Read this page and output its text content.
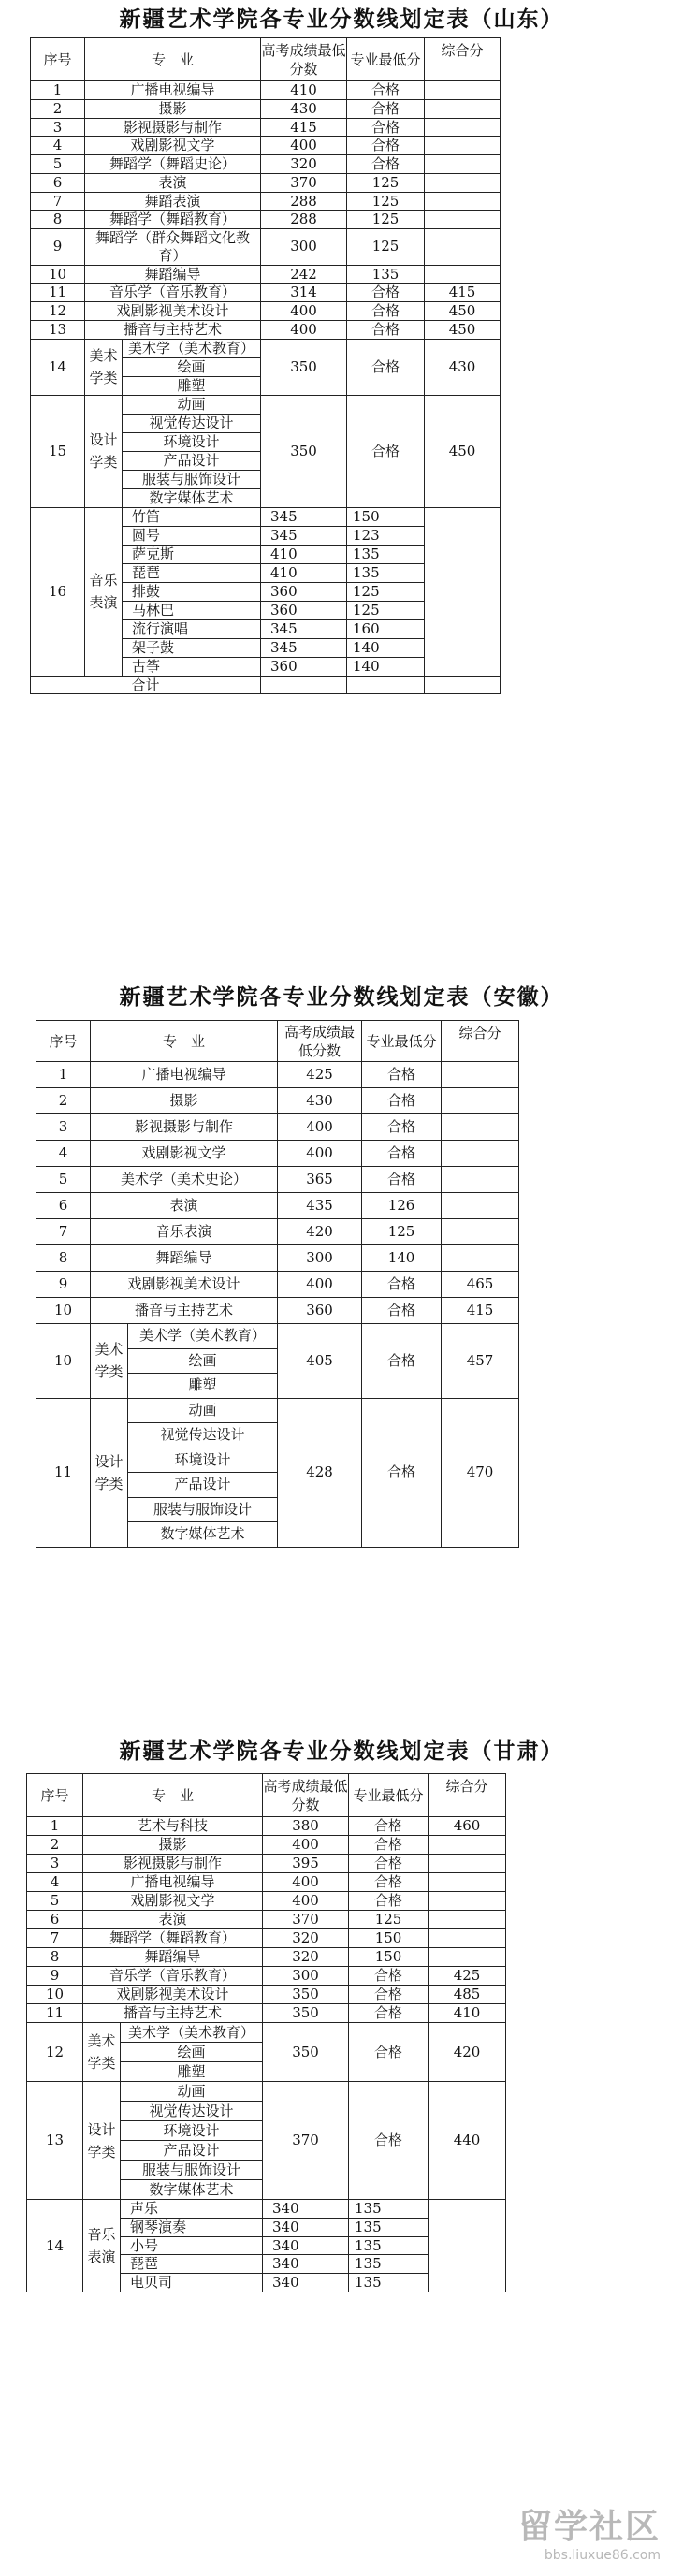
新疆艺术学院各专业分数线划定表（山东）
序号	专　业		高考成绩最低分数	专业最低分	综合分
1	广播电视编导		410	合格	
2	摄影		430	合格	
3	影视摄影与制作		415	合格	
4	戏剧影视文学		400	合格	
5	舞蹈学（舞蹈史论）		320	合格	
6	表演		370	125	
7	舞蹈表演		288	125	
8	舞蹈学（舞蹈教育）		288	125	
9	舞蹈学（群众舞蹈文化教育）		300	125	
10	舞蹈编导		242	135	
11	音乐学（音乐教育）		314	合格	415
12	戏剧影视美术设计		400	合格	450
13	播音与主持艺术		400	合格	450
14	美术学类	美术学（美术教育）	350	合格	430
		绘画			
		雕塑			
15	设计学类	动画	350	合格	450
		视觉传达设计			
		环境设计			
		产品设计			
		服装与服饰设计			
		数字媒体艺术			
16	音乐表演	竹笛	345	150	
		圆号	345	123	
		萨克斯	410	135	
		琵琶	410	135	
		排鼓	360	125	
		马林巴	360	125	
		流行演唱	345	160	
		架子鼓	345	140	
		古筝	360	140	
合计					
新疆艺术学院各专业分数线划定表（安徽）
序号	专　业		高考成绩最低分数	专业最低分	综合分
1	广播电视编导		425	合格	
2	摄影		430	合格	
3	影视摄影与制作		400	合格	
4	戏剧影视文学		400	合格	
5	美术学（美术史论）		365	合格	
6	表演		435	126	
7	音乐表演		420	125	
8	舞蹈编导		300	140	
9	戏剧影视美术设计		400	合格	465
10	播音与主持艺术		360	合格	415
10	美术学类	美术学（美术教育）	405	合格	457
		绘画			
		雕塑			
11	设计学类	动画	428	合格	470
		视觉传达设计			
		环境设计			
		产品设计			
		服装与服饰设计			
		数字媒体艺术			
新疆艺术学院各专业分数线划定表（甘肃）
序号	专　业		高考成绩最低分数	专业最低分	综合分
1	艺术与科技		380	合格	460
2	摄影		400	合格	
3	影视摄影与制作		395	合格	
4	广播电视编导		400	合格	
5	戏剧影视文学		400	合格	
6	表演		370	125	
7	舞蹈学（舞蹈教育）		320	150	
8	舞蹈编导		320	150	
9	音乐学（音乐教育）		300	合格	425
10	戏剧影视美术设计		350	合格	485
11	播音与主持艺术		350	合格	410
12	美术学类	美术学（美术教育）	350	合格	420
		绘画			
		雕塑			
13	设计学类	动画	370	合格	440
		视觉传达设计			
		环境设计			
		产品设计			
		服装与服饰设计			
		数字媒体艺术			
14	音乐表演	声乐	340	135	
		钢琴演奏	340	135	
		小号	340	135	
		琵琶	340	135	
		电贝司	340	135	
留学社区
bbs.liuxue86.com
